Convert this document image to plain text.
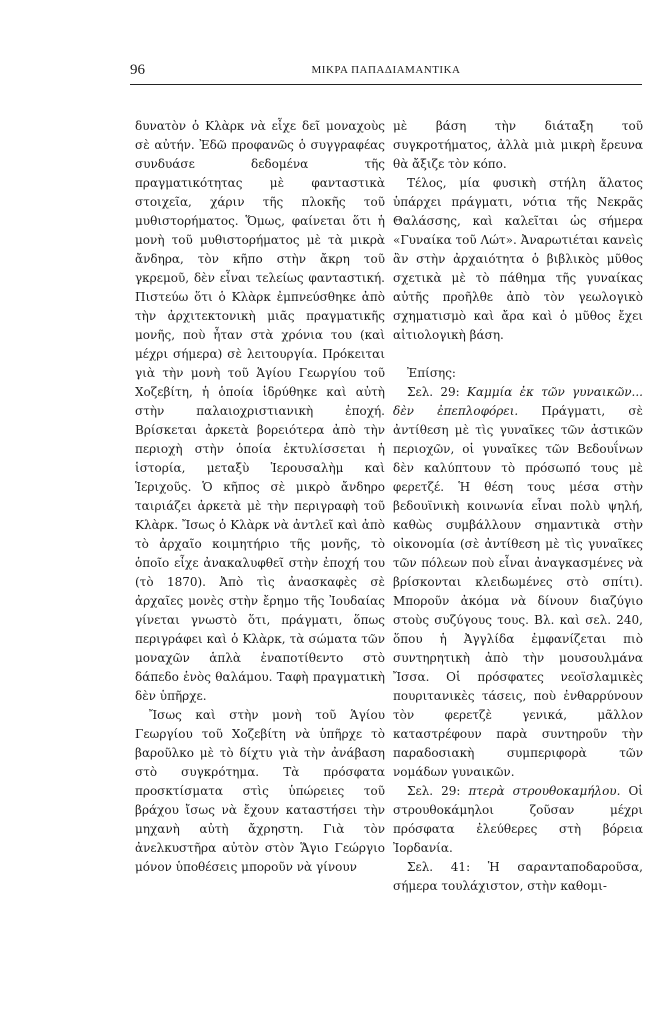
96	ΜΙΚΡΑ ΠΑΠΑΔΙΑΜΑΝΤΙΚΑ

δυνατὸν ὁ Κλὰρκ νὰ εἶχε δεῖ μοναχοὺς σὲ αὐτήν. Ἐδῶ προφανῶς ὁ συγγραφέας συνδυάσε δεδομένα τῆς πραγματικότητας μὲ φανταστικὰ στοιχεῖα, χάριν τῆς πλοκῆς τοῦ μυθιστορήματος. Ὅμως, φαίνεται ὅτι ἡ μονὴ τοῦ μυθιστορήματος μὲ τὰ μικρὰ ἄνδηρα, τὸν κῆπο στὴν ἄκρη τοῦ γκρεμοῦ, δὲν εἶναι τελείως φανταστική. Πιστεύω ὅτι ὁ Κλὰρκ ἐμπνεύσθηκε ἀπὸ τὴν ἀρχιτεκτονικὴ μιᾶς πραγματικῆς μονῆς, ποὺ ἦταν στὰ χρόνια του (καὶ μέχρι σήμερα) σὲ λειτουργία. Πρόκειται γιὰ τὴν μονὴ τοῦ Ἁγίου Γεωργίου τοῦ Χοζεβίτη, ἡ ὁποία ἱδρύθηκε καὶ αὐτὴ στὴν παλαιοχριστιανικὴ ἐποχή. Βρίσκεται ἀρκετὰ βορειότερα ἀπὸ τὴν περιοχὴ στὴν ὁποία ἐκτυλίσσεται ἡ ἱστορία, μεταξὺ Ἱερουσαλὴμ καὶ Ἱεριχοῦς. Ὁ κῆπος σὲ μικρὸ ἄνδηρο ταιριάζει ἀρκετὰ μὲ τὴν περιγραφὴ τοῦ Κλὰρκ. Ἴσως ὁ Κλὰρκ νὰ ἀντλεῖ καὶ ἀπὸ τὸ ἀρχαῖο κοιμητήριο τῆς μονῆς, τὸ ὁποῖο εἶχε ἀνακαλυφθεῖ στὴν ἐποχή του (τὸ 1870). Ἀπὸ τὶς ἀνασκαφὲς σὲ ἀρχαῖες μονὲς στὴν ἔρημο τῆς Ἰουδαίας γίνεται γνωστὸ ὅτι, πράγματι, ὅπως περιγράφει καὶ ὁ Κλὰρκ, τὰ σώματα τῶν μοναχῶν ἁπλὰ ἐναποτίθεντο στὸ δάπεδο ἑνὸς θαλάμου. Ταφὴ πραγματικὴ δὲν ὑπῆρχε.

Ἴσως καὶ στὴν μονὴ τοῦ Ἁγίου Γεωργίου τοῦ Χοζεβίτη νὰ ὑπῆρχε τὸ βαροῦλκο μὲ τὸ δίχτυ γιὰ τὴν ἀνάβαση στὸ συγκρότημα. Τὰ πρόσφατα προσκτίσματα στὶς ὑπώρειες τοῦ βράχου ἴσως νὰ ἔχουν καταστήσει τὴν μηχανὴ αὐτὴ ἄχρηστη. Γιὰ τὸν ἀνελκυστῆρα αὐτὸν στὸν Ἅγιο Γεώργιο μόνον ὑποθέσεις μποροῦν νὰ γίνουν

μὲ βάση τὴν διάταξη τοῦ συγκροτήματος, ἀλλὰ μιὰ μικρὴ ἔρευνα θὰ ἄξιζε τὸν κόπο.

Τέλος, μία φυσικὴ στήλη ἅλατος ὑπάρχει πράγματι, νότια τῆς Νεκρᾶς Θαλάσσης, καὶ καλεῖται ὡς σήμερα «Γυναίκα τοῦ Λώτ». Ἀναρωτιέται κανεὶς ἂν στὴν ἀρχαιότητα ὁ βιβλικὸς μῦθος σχετικὰ μὲ τὸ πάθημα τῆς γυναίκας αὐτῆς προῆλθε ἀπὸ τὸν γεωλογικὸ σχηματισμὸ καὶ ἄρα καὶ ὁ μῦθος ἔχει αἰτιολογικὴ βάση.

Ἐπίσης:

Σελ. 29: Καμμία ἐκ τῶν γυναικῶν... δὲν ἐπεπλοφόρει. Πράγματι, σὲ ἀντίθεση μὲ τὶς γυναῖκες τῶν ἀστικῶν περιοχῶν, οἱ γυναῖκες τῶν Βεδουΐνων δὲν καλύπτουν τὸ πρόσωπό τους μὲ φερετζέ. Ἡ θέση τους μέσα στὴν βεδουϊνικὴ κοινωνία εἶναι πολὺ ψηλή, καθὼς συμβάλλουν σημαντικὰ στὴν οἰκονομία (σὲ ἀντίθεση μὲ τὶς γυναῖκες τῶν πόλεων ποὺ εἶναι ἀναγκασμένες νὰ βρίσκονται κλειδωμένες στὸ σπίτι). Μποροῦν ἀκόμα νὰ δίνουν διαζύγιο στοὺς συζύγους τους. Βλ. καὶ σελ. 240, ὅπου ἡ Ἀγγλίδα ἐμφανίζεται πιὸ συντηρητικὴ ἀπὸ τὴν μουσουλμάνα Ἴσσα. Οἱ πρόσφατες νεοϊσλαμικὲς πουριτανικὲς τάσεις, ποὺ ἐνθαρρύνουν τὸν φερετζὲ γενικά, μᾶλλον καταστρέφουν παρὰ συντηροῦν τὴν παραδοσιακὴ συμπεριφορὰ τῶν νομάδων γυναικῶν.

Σελ. 29: πτερὰ στρουθοκαμήλου. Οἱ στρουθοκάμηλοι ζοῦσαν μέχρι πρόσφατα ἐλεύθερες στὴ βόρεια Ἰορδανία.

Σελ. 41: Ἡ σαρανταποδαροῦσα, σήμερα τουλάχιστον, στὴν καθομι-
